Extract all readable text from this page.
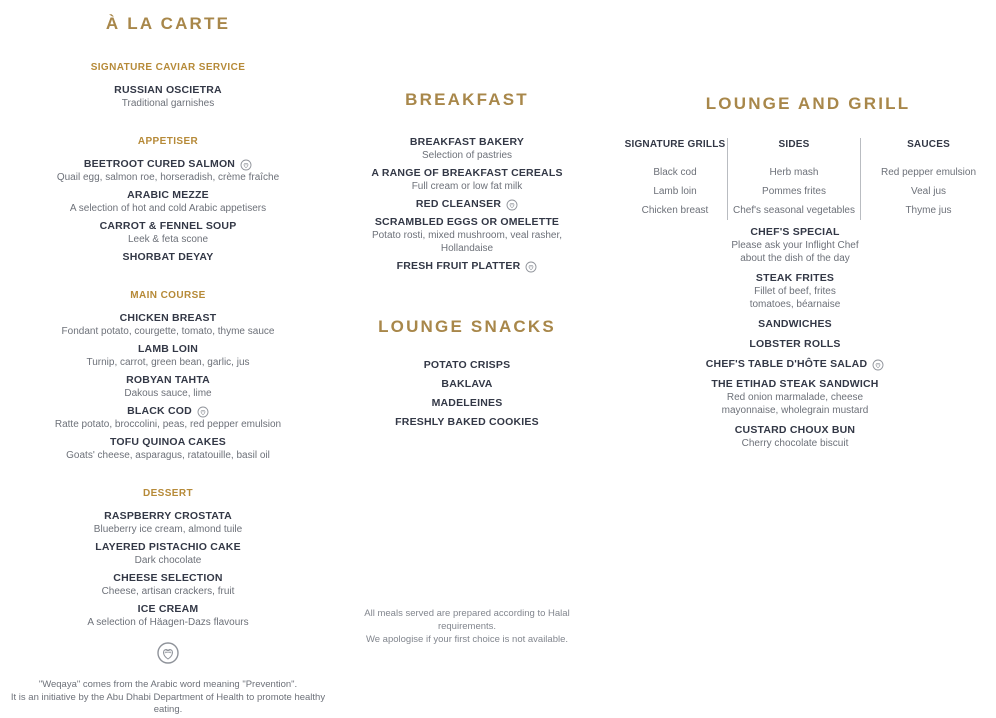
À LA CARTE
SIGNATURE CAVIAR SERVICE
RUSSIAN OSCIETRA
Traditional garnishes
APPETISER
BEETROOT CURED SALMON
Quail egg, salmon roe, horseradish, crème fraîche
ARABIC MEZZE
A selection of hot and cold Arabic appetisers
CARROT & FENNEL SOUP
Leek & feta scone
SHORBAT DEYAY
MAIN COURSE
CHICKEN BREAST
Fondant potato, courgette, tomato, thyme sauce
LAMB LOIN
Turnip, carrot, green bean, garlic, jus
ROBYAN TAHTA
Dakous sauce, lime
BLACK COD
Ratte potato, broccolini, peas, red pepper emulsion
TOFU QUINOA CAKES
Goats' cheese, asparagus, ratatouille, basil oil
DESSERT
RASPBERRY CROSTATA
Blueberry ice cream, almond tuile
LAYERED PISTACHIO CAKE
Dark chocolate
CHEESE SELECTION
Cheese, artisan crackers, fruit
ICE CREAM
A selection of Häagen-Dazs flavours
"Weqaya" comes from the Arabic word meaning "Prevention".
It is an initiative by the Abu Dhabi Department of Health to promote healthy eating.
BREAKFAST
BREAKFAST BAKERY
Selection of pastries
A RANGE OF BREAKFAST CEREALS
Full cream or low fat milk
RED CLEANSER
SCRAMBLED EGGS OR OMELETTE
Potato rosti, mixed mushroom, veal rasher, Hollandaise
FRESH FRUIT PLATTER
LOUNGE SNACKS
POTATO CRISPS
BAKLAVA
MADELEINES
FRESHLY BAKED COOKIES
All meals served are prepared according to Halal requirements.
We apologise if your first choice is not available.
LOUNGE AND GRILL
SIGNATURE GRILLS
Black cod
Lamb loin
Chicken breast
SIDES
Herb mash
Pommes frites
Chef's seasonal vegetables
SAUCES
Red pepper emulsion
Veal jus
Thyme jus
CHEF'S SPECIAL
Please ask your Inflight Chef
about the dish of the day
STEAK FRITES
Fillet of beef, frites
tomatoes, béarnaise
SANDWICHES
LOBSTER ROLLS
CHEF'S TABLE D'HÔTE SALAD
THE ETIHAD STEAK SANDWICH
Red onion marmalade, cheese
mayonnaise, wholegrain mustard
CUSTARD CHOUX BUN
Cherry chocolate biscuit
